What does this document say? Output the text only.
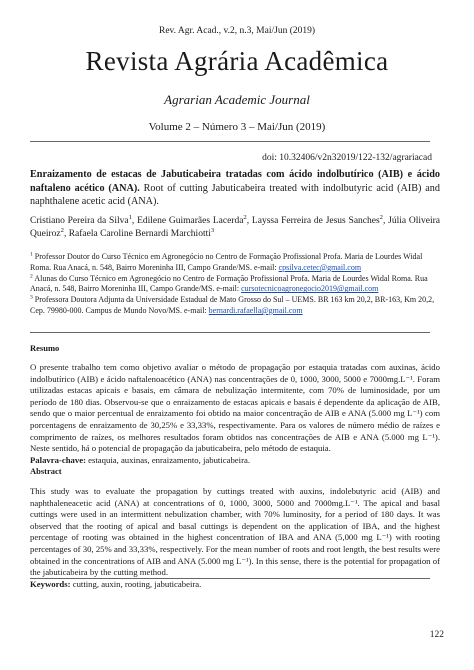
Rev. Agr. Acad., v.2, n.3, Mai/Jun (2019)
Revista Agrária Acadêmica
Agrarian Academic Journal
Volume 2 – Número 3 – Mai/Jun (2019)
doi: 10.32406/v2n32019/122-132/agrariacad
Enraizamento de estacas de Jabuticabeira tratadas com ácido indolbutírico (AIB) e ácido naftaleno acético (ANA). Root of cutting Jabuticabeira treated with indolbutyric acid (AIB) and naphthalene acetic acid (ANA).
Cristiano Pereira da Silva$^1$, Edilene Guimarães Lacerda$^2$, Layssa Ferreira de Jesus Sanches$^2$, Júlia Oliveira Queiroz$^2$, Rafaela Caroline Bernardi Marchiotti$^3$

$^1$ Professor Doutor do Curso Técnico em Agronegócio no Centro de Formação Profissional Profa. Maria de Lourdes Widal Roma. Rua Anacá, n. 548, Bairro Moreninha III, Campo Grande/MS. e-mail: cpsilva.cetec@gmail.com

$^2$ Alunas do Curso Técnico em Agronegócio no Centro de Formação Profissional Profa. Maria de Lourdes Widal Roma. Rua Anacá, n. 548, Bairro Moreninha III, Campo Grande/MS. e-mail: cursotecnicoagronegocio2019@gmail.com

$^3$ Professora Doutora Adjunta da Universidade Estadual de Mato Grosso do Sul – UEMS. BR 163 km 20,2, BR-163, Km 20,2, Cep. 79980-000. Campus de Mundo Novo/MS. e-mail: bernardi.rafaella@gmail.com

Resumo

O presente trabalho tem como objetivo avaliar o método de propagação por estaquia tratadas com auxinas, ácido indolbutírico (AIB) e ácido naftalenoacético (ANA) nas concentrações de 0, 1000, 3000, 5000 e 7000mg.L⁻¹. Foram utilizadas estacas apicais e basais, em câmara de nebulização intermitente, com 70% de luminosidade, por um período de 180 dias. Observou-se que o enraizamento de estacas apicais e basais é dependente da aplicação de AIB, sendo que o maior percentual de enraizamento foi obtido na maior concentração de AIB e ANA (5.000 mg L⁻¹) com porcentagens de enraizamento de 30,25% e 33,33%, respectivamente. Para os valores de número médio de raízes e comprimento de raízes, os melhores resultados foram obtidos nas concentrações de AIB e ANA (5.000 mg L⁻¹). Neste sentido, há o potencial de propagação da jabuticabeira, pelo método de estaquia.

Palavra-chave: estaquia, auxinas, enraizamento, jabuticabeira.

Abstract

This study was to evaluate the propagation by cuttings treated with auxins, indolebutyric acid (AIB) and naphthaleneacetic acid (ANA) at concentrations of 0, 1000, 3000, 5000 and 7000mg.L⁻¹. The apical and basal cuttings were used in an intermittent nebulization chamber, with 70% luminosity, for a period of 180 days. It was observed that the rooting of apical and basal cuttings is dependent on the application of IBA, and the highest percentage of rooting was obtained in the highest concentration of IBA and ANA (5,000 mg L⁻¹) with rooting percentages of 30, 25% and 33,33%, respectively. For the mean number of roots and root length, the best results were obtained in the concentrations of AIB and ANA (5.000 mg L⁻¹). In this sense, there is the potential for propagation of the jabuticabeira by the cutting method.

Keywords: cutting, auxin, rooting, jabuticabeira.

122
